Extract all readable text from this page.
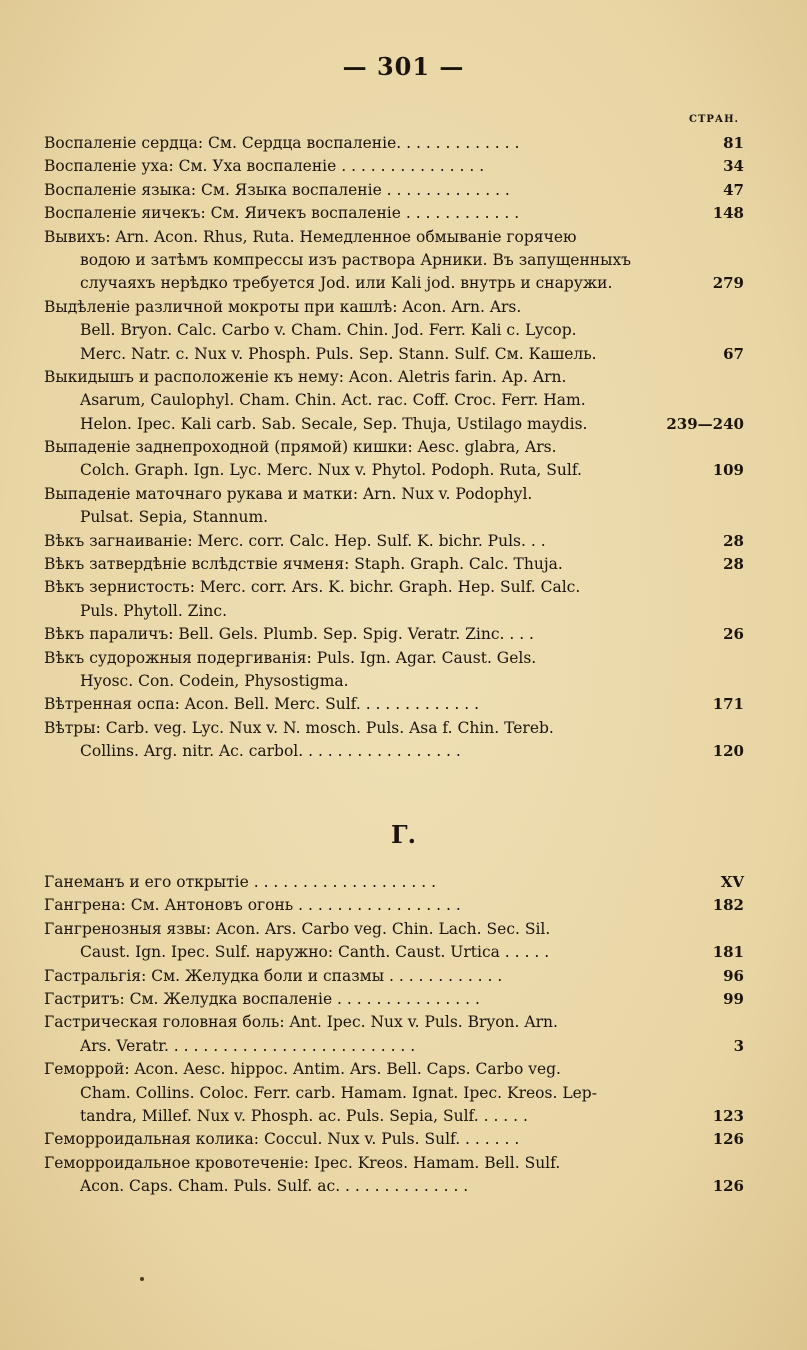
— 301 —
СТРАН.
Воспаленіе сердца: См. Сердца воспаленіе. . . . . . . . . . . . .	81
Воспаленіе уха: См. Уха воспаленіе . . . . . . . . . . . . . . .	34
Воспаленіе языка: См. Языка воспаленіе . . . . . . . . . . . . .	47
Воспаленіе яичекъ: См. Яичекъ воспаленіе . . . . . . . . . . . .	148
Вывихъ: Arn. Acon. Rhus, Ruta. Немедленное обмываніе горячею
водою и затѣмъ компрессы изъ раствора Арники. Въ запущенныхъ
случаяхъ нерѣдко требуется Jod. или Kali jod. внутрь и снаружи.	279
Выдѣленіе различной мокроты при кашлѣ: Acon. Arn. Ars.
Bell. Bryon. Calc. Carbo v. Cham. Chin. Jod. Ferr. Kali c. Lycop.
Merc. Natr. c. Nux v. Phosph. Puls. Sep. Stann. Sulf. См. Кашель.	67
Выкидышъ и расположеніе къ нему: Acon. Aletris farin. Ap. Arn.
Asarum, Caulophyl. Cham. Chin. Act. rac. Coff. Croc. Ferr. Ham.
Helon. Ipec. Kali carb. Sab. Secale, Sep. Thuja, Ustilago maydis.	239—240
Выпаденіе заднепроходной (прямой) кишки: Aesc. glabra, Ars.
Colch. Graph. Ign. Lyc. Merc. Nux v. Phytol. Podoph. Ruta, Sulf.	109
Выпаденіе маточнаго рукава и матки: Arn. Nux v. Podophyl.
Pulsat. Sepia, Stannum.
Вѣкъ загнаиваніе: Merc. corr. Calc. Hep. Sulf. K. bichr. Puls. . .	28
Вѣкъ затвердѣніе вслѣдствіе ячменя: Staph. Graph. Calc. Thuja.	28
Вѣкъ зернистость: Merc. corr. Ars. K. bichr. Graph. Hep. Sulf. Calc.
Puls. Phytoll. Zinc.
Вѣкъ параличъ: Bell. Gels. Plumb. Sep. Spig. Veratr. Zinc. . . .	26
Вѣкъ судорожныя подергиванія: Puls. Ign. Agar. Caust. Gels.
Hyosc. Con. Codein, Physostigma.
Вѣтренная оспа: Acon. Bell. Merc. Sulf. . . . . . . . . . . . .	171
Вѣтры: Carb. veg. Lyc. Nux v. N. mosch. Puls. Asa f. Chin. Tereb.
Collins. Arg. nitr. Ac. carbol. . . . . . . . . . . . . . . . .	120
Г.
Ганеманъ и его открытіе . . . . . . . . . . . . . . . . . . .	XV
Гангрена: См. Антоновъ огонь . . . . . . . . . . . . . . . . .	182
Гангренозныя язвы: Acon. Ars. Carbo veg. Chin. Lach. Sec. Sil.
Caust. Ign. Ipec. Sulf. наружно: Canth. Caust. Urtica . . . . .	181
Гастральгія: См. Желудка боли и спазмы . . . . . . . . . . . .	96
Гастритъ: См. Желудка воспаленіе . . . . . . . . . . . . . . .	99
Гастрическая головная боль: Ant. Ipec. Nux v. Puls. Bryon. Arn.
Ars. Veratr. . . . . . . . . . . . . . . . . . . . . . . . . .	3
Геморрой: Acon. Aesc. hippoc. Antim. Ars. Bell. Caps. Carbo veg.
Cham. Collins. Coloc. Ferr. carb. Hamam. Ignat. Ipec. Kreos. Lep-
tandra, Millef. Nux v. Phosph. ac. Puls. Sepia, Sulf. . . . . .	123
Геморроидальная колика: Coccul. Nux v. Puls. Sulf. . . . . . .	126
Геморроидальное кровотеченіе: Ipec. Kreos. Hamam. Bell. Sulf.
Acon. Caps. Cham. Puls. Sulf. ac. . . . . . . . . . . . . .	126
